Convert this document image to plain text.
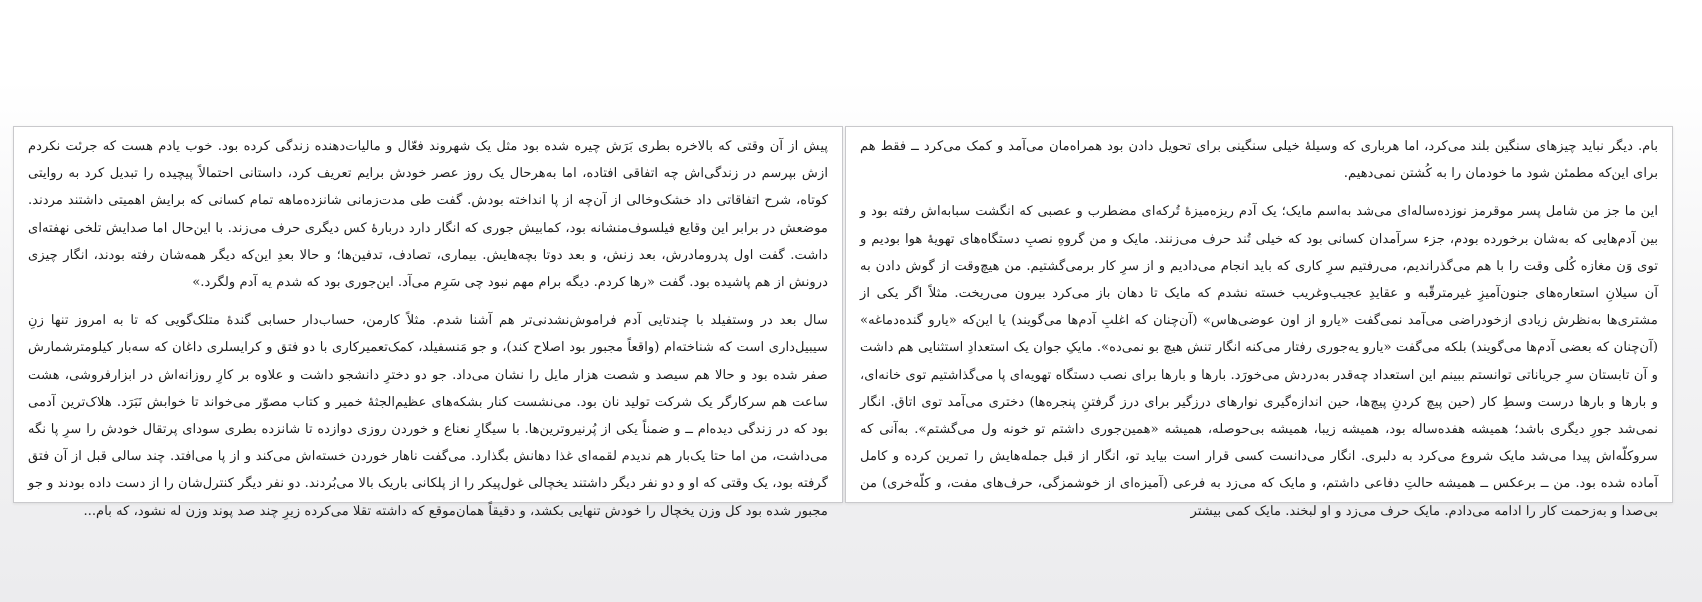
پیش از آن وقتی که بالاخره بطری بَرَش چیره شده بود مثل یک شهروند فعّال و مالیات‌دهنده زندگی کرده بود. خوب یادم هست که جرئت نکردم ازش بپرسم در زندگی‌اش چه اتفاقی افتاده، اما به‌هرحال یک روز عصر خودش برایم تعریف کرد، داستانی احتمالاً پیچیده را تبدیل کرد به روایتی کوتاه، شرح اتفاقاتی داد خشک‌وخالی از آن‌چه از پا انداخته بودش. گفت طی مدت‌زمانی شانزده‌ماهه تمام کسانی که برایش اهمیتی داشتند مردند. موضعش در برابر این وقایع فیلسوف‌منشانه بود، کمابیش جوری که انگار دارد درباره‌ٔ کس دیگری حرف می‌زند. با این‌حال اما صدایش تلخی نهفته‌ای داشت. گفت اول پدرومادرش، بعد زنش، و بعد دوتا بچه‌هایش. بیماری، تصادف، تدفین‌ها؛ و حالا بعدِ این‌که دیگر همه‌شان رفته بودند، انگار چیزی درونش از هم پاشیده بود. گفت «رها کردم. دیگه برام مهم نبود چی سَرِم می‌آد. این‌جوری بود که شدم یه آدم ولگرد.»

سال بعد در وستفیلد با چندتایی آدم فراموش‌نشدنی‌تر هم آشنا شدم. مثلاً کارمن، حساب‌دار حسابی گندهٔ متلک‌گویی که تا به امروز تنها زنِ سیبیل‌داری است که شناخته‌ام (واقعاً مجبور بود اصلاح کند)، و جو مَنسفیلد، کمک‌تعمیرکاری با دو فتق و کرایسلری داغان که سه‌بار کیلومترشمارش صفر شده بود و حالا هم سیصد و شصت هزار مایل را نشان می‌داد. جو دو دخترِ دانشجو داشت و علاوه بر کارِ روزانه‌اش در ابزارفروشی، هشت ساعت هم سرکارگر یک شرکت تولید نان بود. می‌نشست کنار بشکه‌های عظیم‌الجثهٔ خمیر و کتاب مصوّر می‌خواند تا خوابش نَبَرَد. هلاک‌ترین آدمی بود که در زندگی دیده‌ام ــ و ضمناً یکی از پُرنیروترین‌ها. با سیگارِ نعناع و خوردن روزی دوازده تا شانزده بطری سودای پرتقال خودش را سرِ پا نگه می‌داشت، من اما حتا یک‌بار هم ندیدم لقمه‌ای غذا دهانش بگذارد. می‌گفت ناهار خوردن خسته‌اش می‌کند و از پا می‌افتد. چند سالی قبل از آن فتق گرفته بود، یک وقتی که او و دو نفر دیگر داشتند یخچالی غول‌پیکر را از پلکانی باریک بالا می‌بُردند. دو نفر دیگر کنترل‌شان را از دست داده بودند و جو مجبور شده بود کل وزن یخچال را خودش تنهایی بکشد، و دقیقاً همان‌موقع که داشته تقلا می‌کرده زیرِ چند صد پوند وزن له نشود، که بام...

بام. دیگر نباید چیزهای سنگین بلند می‌کرد، اما هرباری که وسیلهٔ خیلی سنگینی برای تحویل دادن بود همراه‌مان می‌آمد و کمک می‌کرد ــ فقط هم برای این‌که مطمئن شود ما خودمان را به کُشتن نمی‌دهیم.

این ما جز من شامل پسر موقرمز نوزده‌ساله‌ای می‌شد به‌اسم مایک؛ یک آدم ریزه‌میزهٔ تُرکه‌ای مضطرب و عصبی که انگشت سبابه‌اش رفته بود و بین آدم‌هایی که به‌شان برخورده بودم، جزء سرآمدان کسانی بود که خیلی تُند حرف می‌زنند. مایک و من گروهِ نصبِ دستگاه‌های تهویهٔ هوا بودیم و توی وَن مغازه کُلی وقت را با هم می‌گذراندیم، می‌رفتیم سرِ کاری که باید انجام می‌دادیم و از سرِ کار برمی‌گشتیم. من هیچ‌وقت از گوش دادن به آن سیلانِ استعاره‌های جنون‌آمیزِ غیرمترقّبه و عقایدِ عجیب‌وغریب خسته نشدم که مایک تا دهان باز می‌کرد بیرون می‌ریخت. مثلاً اگر یکی از مشتری‌ها به‌نظرش زیادی ازخودراضی می‌آمد نمی‌گفت «یارو از اون عوضی‌هاس» (آن‌چنان که اغلبِ آدم‌ها می‌گویند) یا این‌که «یارو گنده‌دماغه» (آن‌چنان که بعضی آدم‌ها می‌گویند) بلکه می‌گفت «یارو یه‌جوری رفتار می‌کنه انگار تنش هیچ بو نمی‌ده». مایکِ جوان یک استعدادِ استثنایی هم داشت و آن تابستان سرِ جریاناتی توانستم ببینم این استعداد چه‌قدر به‌دردش می‌خورَد. بارها و بارها برای نصب دستگاه تهویه‌ای پا می‌گذاشتیم توی خانه‌ای، و بارها و بارها درست وسطِ کار (حین پیچ کردنِ پیچ‌ها، حین اندازه‌گیری نوارهای درزگیر برای درز گرفتنِ پنجره‌ها) دختری می‌آمد توی اتاق. انگار نمی‌شد جورِ دیگری باشد؛ همیشه هفده‌ساله بود، همیشه زیبا، همیشه بی‌حوصله، همیشه «همین‌جوری داشتم تو خونه ول می‌گشتم». به‌آنی که سروکلّه‌اش پیدا می‌شد مایک شروع می‌کرد به دلبری. انگار می‌دانست کسی قرار است بیاید تو، انگار از قبل جمله‌هایش را تمرین کرده و کامل آماده شده بود. من ــ برعکس ــ همیشه حالتِ دفاعی داشتم، و مایک که می‌زد به فرعی (آمیزه‌ای از خوشمزگی، حرف‌های مفت، و کلّه‌خری) من بی‌صدا و به‌زحمت کار را ادامه می‌دادم. مایک حرف می‌زد و او لبخند. مایک کمی بیشتر
